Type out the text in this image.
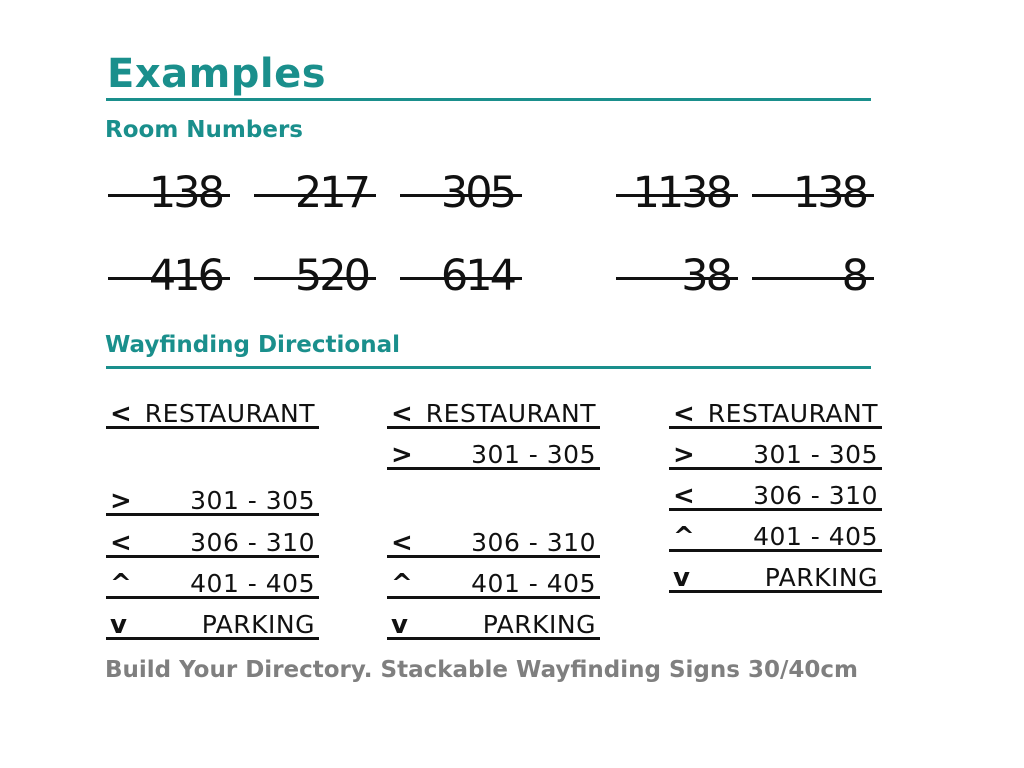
Examples
Room Numbers
138 217 305	1138 138
416 520 614	38	8
Wayfinding Directional
< RESTAURANT
> 301 - 305
< 306 - 310
^ 401 - 405
v	PARKING
< RESTAURANT
> 301 - 305
< 306 - 310
^ 401 - 405
v	PARKING
< RESTAURANT
> 301 - 305
< 306 - 310
^ 401 - 405
v	PARKING
Build Your Directory. Stackable Wayfinding Signs 30/40cm
